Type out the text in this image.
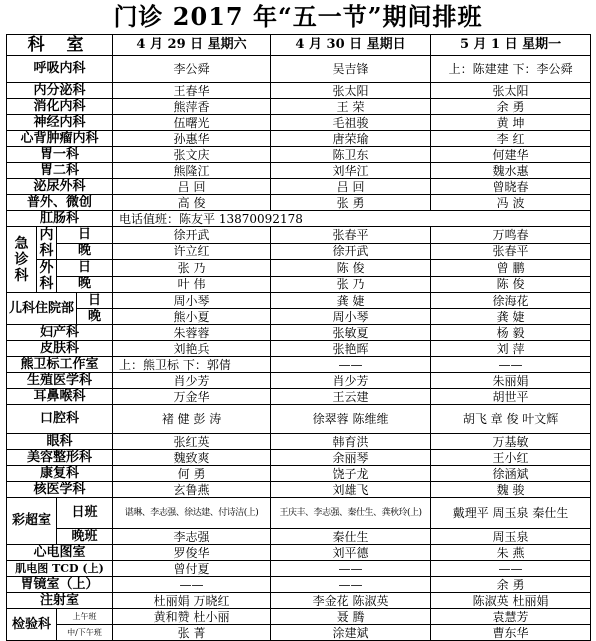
门诊 2017 年“五一节”期间排班
科 室				4 月 29 日 星期六	4 月 30 日 星期日	5 月 1 日 星期一
呼吸内科				李公舜	吴吉锋	上：陈建建 下：李公舜
内分泌科				王春华	张太阳	张太阳
消化内科				熊萍香	王 荣	余 勇
神经内科				伍曙光	毛祖骏	黄 坤
心背肿瘤内科				孙惠华	唐荣瑜	李 红
胃一科				张文庆	陈卫东	何建华
胃二科				熊隆江	刘华江	魏水惠
泌尿外科				吕 回	吕 回	曾晓春
普外、微创				高 俊	张 勇	冯 波
肛肠科				电话值班：陈友平 13870092178		
急诊科	内科	日		徐开武	张春平	万鸣春
		晚		许立红	徐开武	张春平
	外科	日		张 乃	陈 俊	曾 鹏
		晚		叶 伟	张 乃	陈 俊
儿科住院部			日	周小琴	龚 婕	徐海花
			晚	熊小夏	周小琴	龚 婕
妇产科				朱蓉蓉	张敏夏	杨 毅
皮肤科				刘艳兵	张艳晖	刘 萍
熊卫标工作室				上：熊卫标 下：郭倩	——	——
生殖医学科				肖少芳	肖少芳	朱丽娟
耳鼻喉科				万金华	王云建	胡世平
口腔科				褚 健 彭 涛	徐翠蓉 陈维维	胡飞 章 俊 叶文辉
眼科				张红英	韩育洪	万基敏
美容整形科				魏致爽	余丽琴	王小红
康复科				何 勇	饶子龙	徐涵斌
核医学科				玄鲁燕	刘雄飞	魏 骏
彩超室		日班		谌琳、李志强、徐达建、付诗洁(上)	王庆丰、李志强、秦仕生、龚秋玲(上)	戴理平 周玉泉 秦仕生
		晚班		李志强	秦仕生	周玉泉
心电图室				罗俊华	刘平德	朱 燕
肌电图 TCD (上)				曾付夏	——	——
胃镜室（上）				——	——	余 勇
注射室				杜丽娟 万晓红	李金花 陈淑英	陈淑英 杜丽娟
检验科		上午班		黄和赞 杜小丽	聂 腾	袁慧芳
		中/下午班		张 菁	涂建斌	曹东华
